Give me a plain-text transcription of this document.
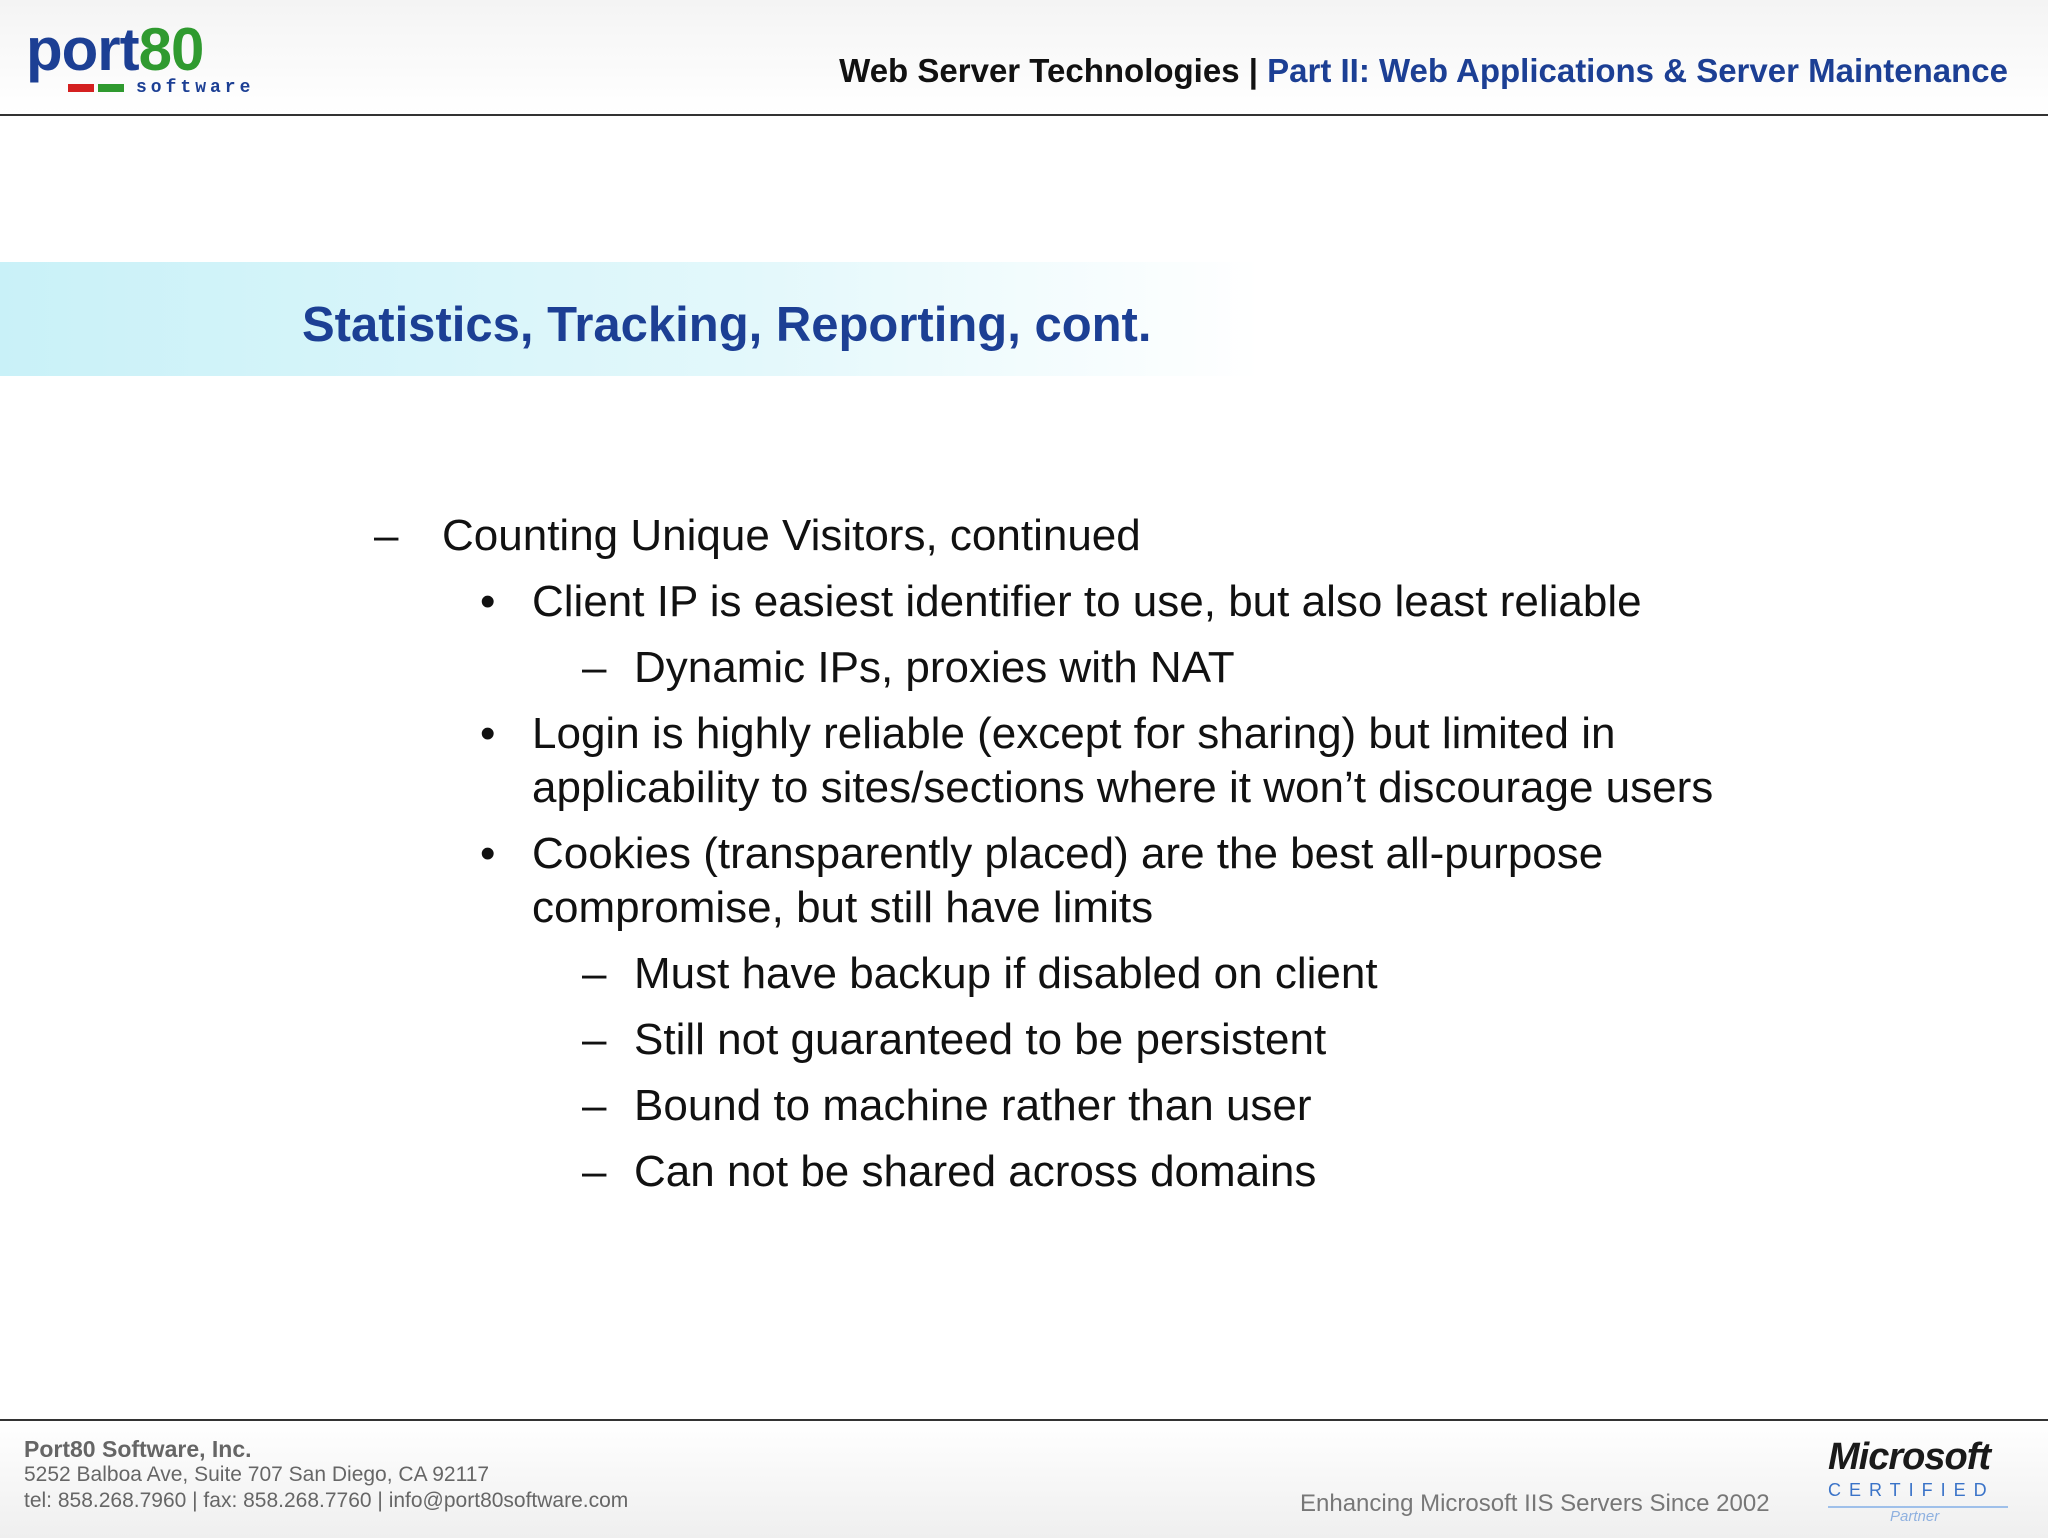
port80
software	Web Server Technologies | Part II: Web Applications & Server Maintenance
Statistics, Tracking, Reporting, cont.
– Counting Unique Visitors, continued
• Client IP is easiest identifier to use, but also least reliable
– Dynamic IPs, proxies with NAT
• Login is highly reliable (except for sharing) but limited in
applicability to sites/sections where it won’t discourage users
• Cookies (transparently placed) are the best all-purpose
compromise, but still have limits
– Must have backup if disabled on client
– Still not guaranteed to be persistent
– Bound to machine rather than user
– Can not be shared across domains
Port80 Software, Inc.
5252 Balboa Ave, Suite 707 San Diego, CA 92117
tel: 858.268.7960 | fax: 858.268.7760 | info@port80software.com	Enhancing Microsoft IIS Servers Since 2002
Microsoft
CERTIFIED
Partner
